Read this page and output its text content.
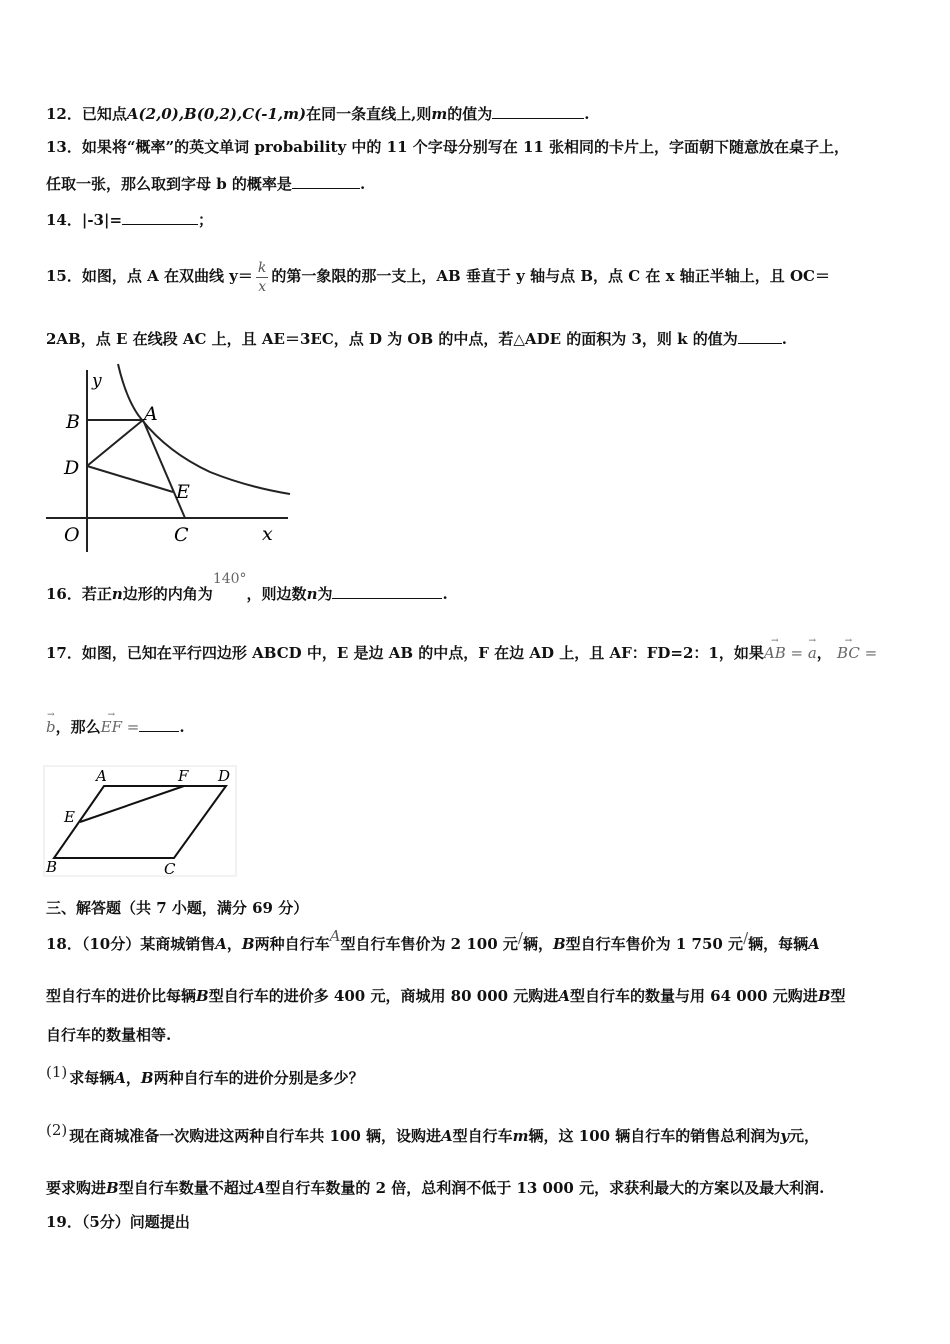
12．已知点A(2,0),B(0,2),C(-1,m)在同一条直线上,则m的值为	.
13．如果将“概率”的英文单词 probability 中的 11 个字母分别写在 11 张相同的卡片上，字面朝下随意放在桌子上，
任取一张，那么取到字母 b 的概率是	.
14．|-3|=	；
15．如图，点 A 在双曲线 $y= \frac{k}{x}$ 的第一象限的那一支上，AB 垂直于 y 轴与点 B，点 C 在 x 轴正半轴上，且 OC＝
2AB，点 E 在线段 AC 上，且 AE＝3EC，点 D 为 OB 的中点，若△ADE 的面积为 3，则 k 的值为	.
y
B	A
D
E
O	C	x
16．若正n边形的内角为140°，则边数n为	.
17．如图，已知在平行四边形 ABCD 中，E 是边 AB 的中点，F 在边 AD 上，且 AF：FD=2：1，如果→ AB = → a， → BC =
→ b，那么→ EF =	.
A	F D
E
B	C
三、解答题（共 7 小题，满分 69 分）
18．（10分）某商城销售A，B两种自行车A型自行车售价为 2 100 元/辆，B型自行车售价为 1 750 元/辆，每辆A
型自行车的进价比每辆B型自行车的进价多 400 元，商城用 80 000 元购进A型自行车的数量与用 64 000 元购进B型
自行车的数量相等.
(1) 求每辆A，B两种自行车的进价分别是多少？
(2) 现在商城准备一次购进这两种自行车共 100 辆，设购进A型自行车m辆，这 100 辆自行车的销售总利润为y元，
要求购进B型自行车数量不超过A型自行车数量的 2 倍，总利润不低于 13 000 元，求获利最大的方案以及最大利润.
19．（5分）问题提出
